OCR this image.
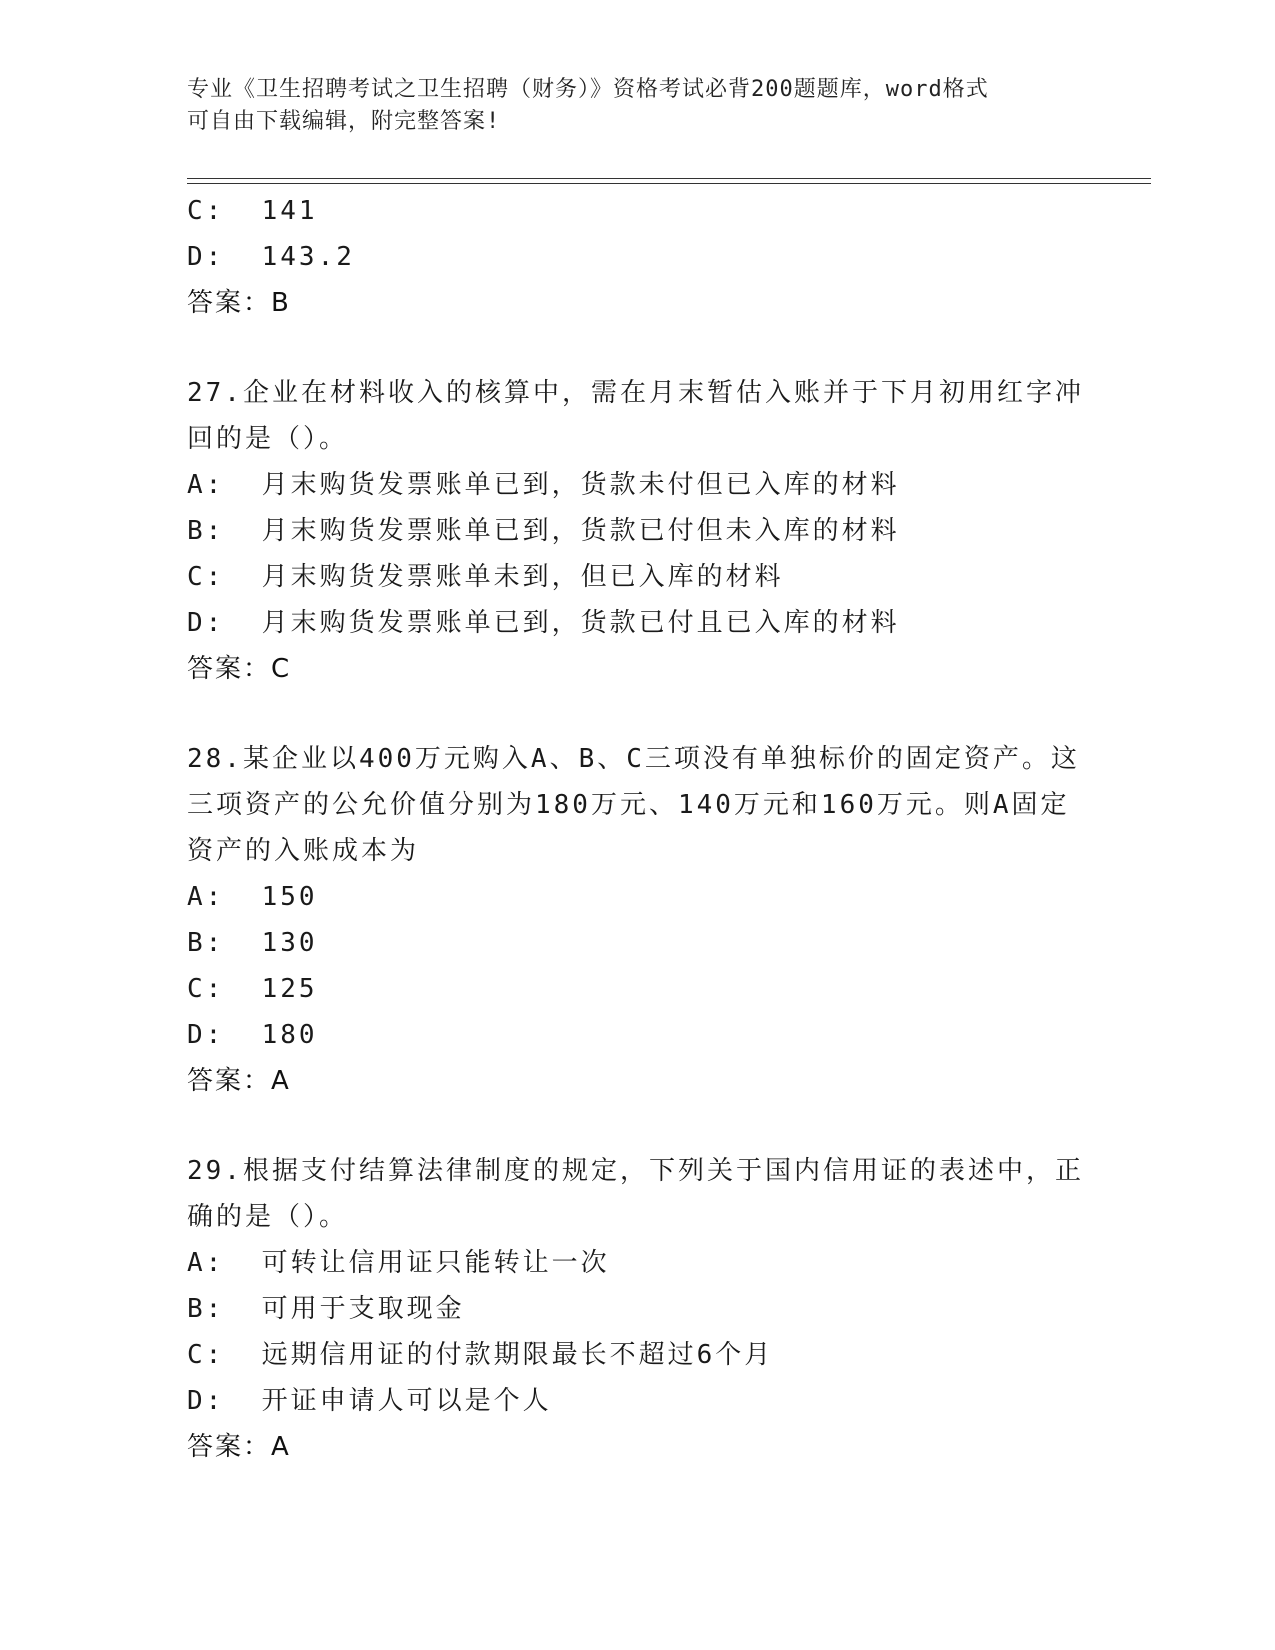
专业《卫生招聘考试之卫生招聘（财务）》资格考试必背200题题库，word格式
可自由下载编辑，附完整答案!
C: 141
D: 143.2
答案：B
27.企业在材料收入的核算中，需在月末暂估入账并于下月初用红字冲
回的是（）。
A: 月末购货发票账单已到，货款未付但已入库的材料
B: 月末购货发票账单已到，货款已付但未入库的材料
C: 月末购货发票账单未到，但已入库的材料
D: 月末购货发票账单已到，货款已付且已入库的材料
答案：C
28.某企业以400万元购入A、B、C三项没有单独标价的固定资产。这
三项资产的公允价值分别为180万元、140万元和160万元。则A固定
资产的入账成本为
A: 150
B: 130
C: 125
D: 180
答案：A
29.根据支付结算法律制度的规定，下列关于国内信用证的表述中，正
确的是（）。
A: 可转让信用证只能转让一次
B: 可用于支取现金
C: 远期信用证的付款期限最长不超过6个月
D: 开证申请人可以是个人
答案：A
